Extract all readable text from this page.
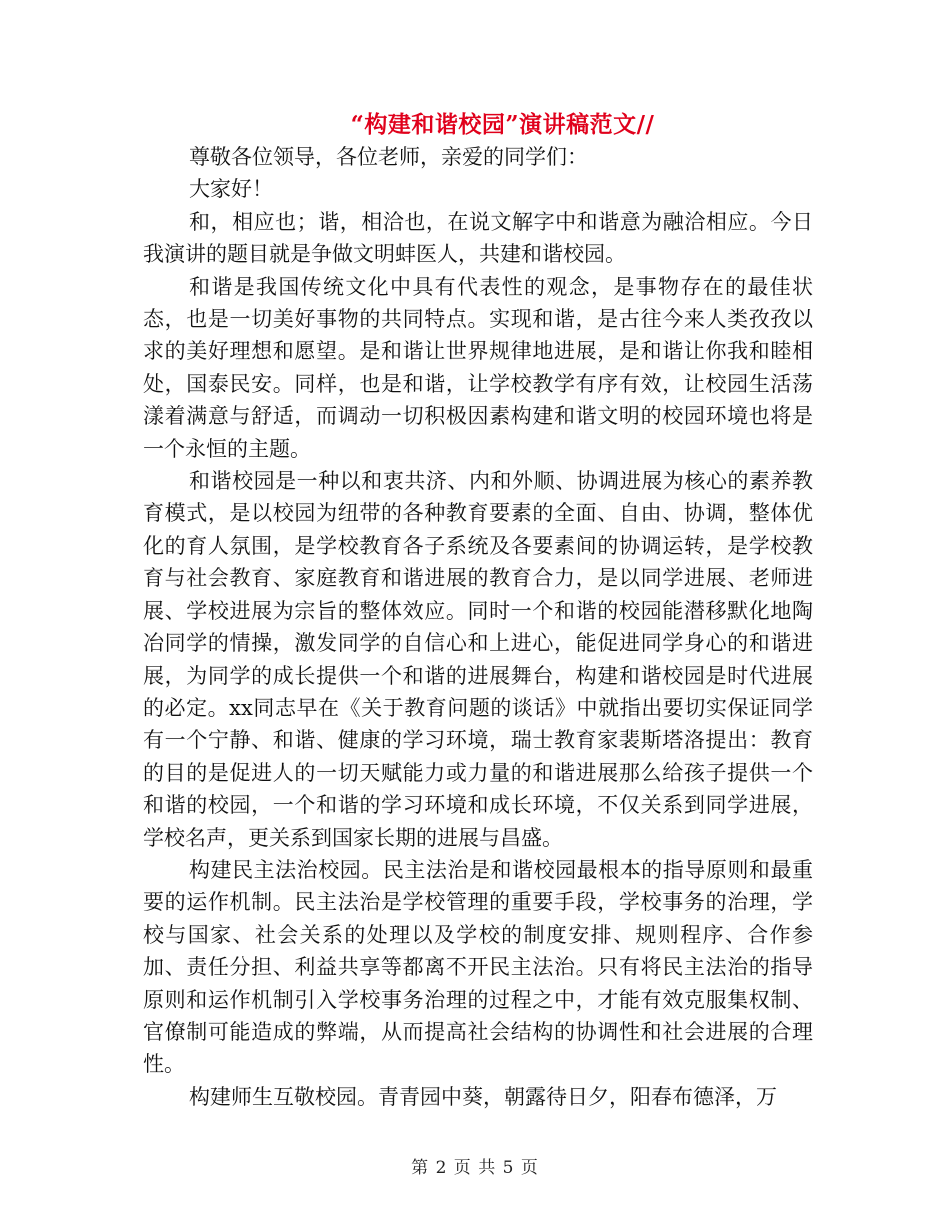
“构建和谐校园”演讲稿范文//

尊敬各位领导，各位老师，亲爱的同学们：

大家好！

和，相应也；谐，相洽也，在说文解字中和谐意为融洽相应。今日我演讲的题目就是争做文明蚌医人，共建和谐校园。

和谐是我国传统文化中具有代表性的观念，是事物存在的最佳状态，也是一切美好事物的共同特点。实现和谐，是古往今来人类孜孜以求的美好理想和愿望。是和谐让世界规律地进展，是和谐让你我和睦相处，国泰民安。同样，也是和谐，让学校教学有序有效，让校园生活荡漾着满意与舒适，而调动一切积极因素构建和谐文明的校园环境也将是一个永恒的主题。

和谐校园是一种以和衷共济、内和外顺、协调进展为核心的素养教育模式，是以校园为纽带的各种教育要素的全面、自由、协调，整体优化的育人氛围，是学校教育各子系统及各要素间的协调运转，是学校教育与社会教育、家庭教育和谐进展的教育合力，是以同学进展、老师进展、学校进展为宗旨的整体效应。同时一个和谐的校园能潜移默化地陶冶同学的情操，激发同学的自信心和上进心，能促进同学身心的和谐进展，为同学的成长提供一个和谐的进展舞台，构建和谐校园是时代进展的必定。xx同志早在《关于教育问题的谈话》中就指出要切实保证同学有一个宁静、和谐、健康的学习环境，瑞士教育家裴斯塔洛提出：教育的目的是促进人的一切天赋能力或力量的和谐进展那么给孩子提供一个和谐的校园，一个和谐的学习环境和成长环境，不仅关系到同学进展，学校名声，更关系到国家长期的进展与昌盛。

构建民主法治校园。民主法治是和谐校园最根本的指导原则和最重要的运作机制。民主法治是学校管理的重要手段，学校事务的治理，学校与国家、社会关系的处理以及学校的制度安排、规则程序、合作参加、责任分担、利益共享等都离不开民主法治。只有将民主法治的指导原则和运作机制引入学校事务治理的过程之中，才能有效克服集权制、官僚制可能造成的弊端，从而提高社会结构的协调性和社会进展的合理性。

构建师生互敬校园。青青园中葵，朝露待日夕，阳春布德泽，万

第 2 页 共 5 页
